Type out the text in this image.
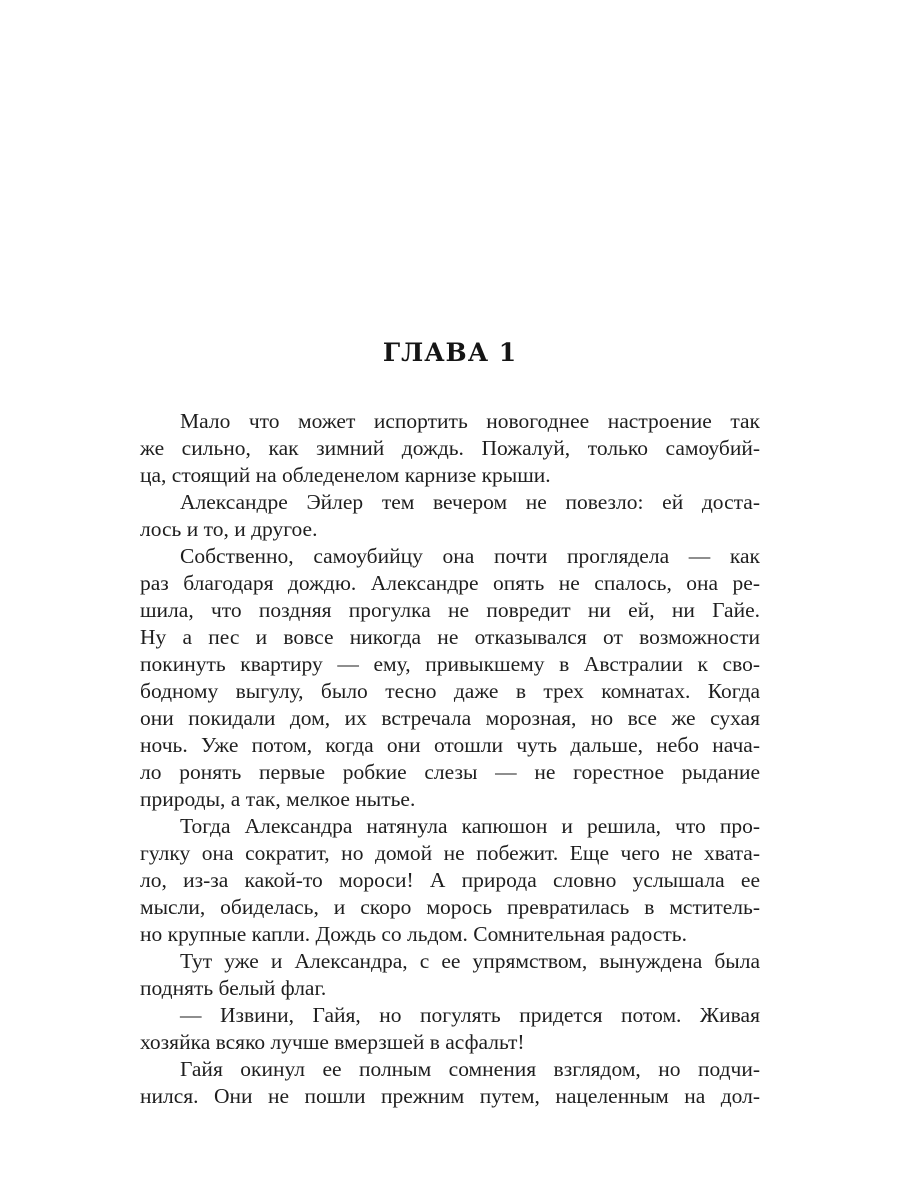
ГЛАВА 1

Мало что может испортить новогоднее настроение так
же сильно, как зимний дождь. Пожалуй, только самоубий-
ца, стоящий на обледенелом карнизе крыши.

Александре Эйлер тем вечером не повезло: ей доста-
лось и то, и другое.

Собственно, самоубийцу она почти проглядела — как
раз благодаря дождю. Александре опять не спалось, она ре-
шила, что поздняя прогулка не повредит ни ей, ни Гайе.
Ну а пес и вовсе никогда не отказывался от возможности
покинуть квартиру — ему, привыкшему в Австралии к сво-
бодному выгулу, было тесно даже в трех комнатах. Когда
они покидали дом, их встречала морозная, но все же сухая
ночь. Уже потом, когда они отошли чуть дальше, небо нача-
ло ронять первые робкие слезы — не горестное рыдание
природы, а так, мелкое нытье.

Тогда Александра натянула капюшон и решила, что про-
гулку она сократит, но домой не побежит. Еще чего не хвата-
ло, из-за какой-то мороси! А природа словно услышала ее
мысли, обиделась, и скоро морось превратилась в мститель-
но крупные капли. Дождь со льдом. Сомнительная радость.

Тут уже и Александра, с ее упрямством, вынуждена была
поднять белый флаг.

— Извини, Гайя, но погулять придется потом. Живая
хозяйка всяко лучше вмерзшей в асфальт!

Гайя окинул ее полным сомнения взглядом, но подчи-
нился. Они не пошли прежним путем, нацеленным на дол-
